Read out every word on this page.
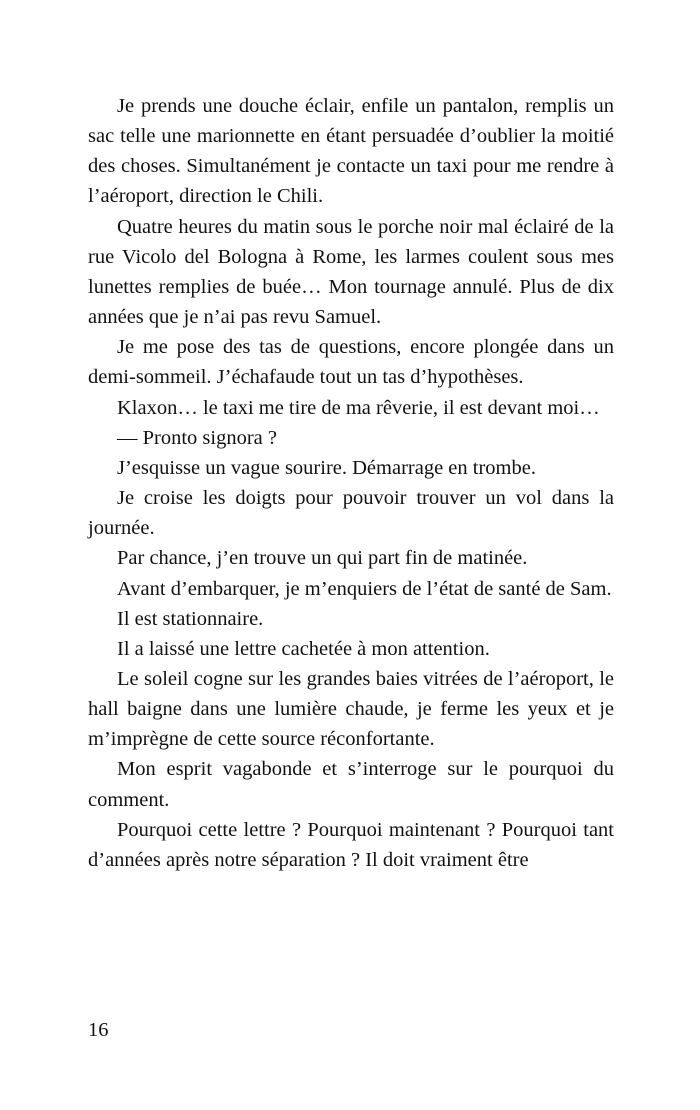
Je prends une douche éclair, enfile un pantalon, remplis un sac telle une marionnette en étant persuadée d’oublier la moitié des choses. Simultanément je contacte un taxi pour me rendre à l’aéroport, direction le Chili.

Quatre heures du matin sous le porche noir mal éclairé de la rue Vicolo del Bologna à Rome, les larmes coulent sous mes lunettes remplies de buée… Mon tournage annulé. Plus de dix années que je n’ai pas revu Samuel.

Je me pose des tas de questions, encore plongée dans un demi-sommeil. J’échafaude tout un tas d’hypothèses.

Klaxon… le taxi me tire de ma rêverie, il est devant moi…

— Pronto signora ?

J’esquisse un vague sourire. Démarrage en trombe.

Je croise les doigts pour pouvoir trouver un vol dans la journée.

Par chance, j’en trouve un qui part fin de matinée.

Avant d’embarquer, je m’enquiers de l’état de santé de Sam.

Il est stationnaire.

Il a laissé une lettre cachetée à mon attention.

Le soleil cogne sur les grandes baies vitrées de l’aéroport, le hall baigne dans une lumière chaude, je ferme les yeux et je m’imprègne de cette source réconfortante.

Mon esprit vagabonde et s’interroge sur le pourquoi du comment.

Pourquoi cette lettre ? Pourquoi maintenant ? Pourquoi tant d’années après notre séparation ? Il doit vraiment être

16
